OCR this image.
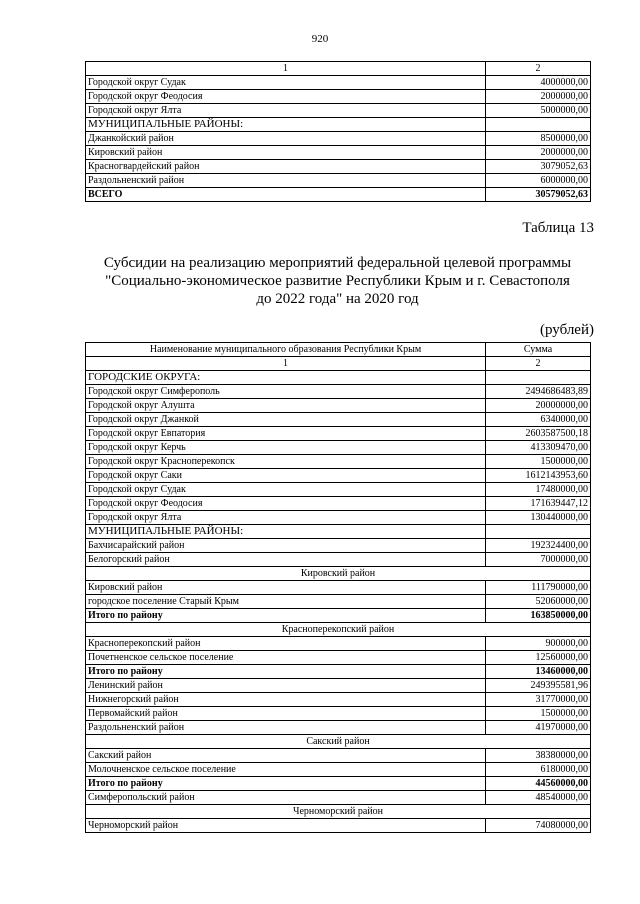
920
1	2
Городской округ Судак	4000000,00
Городской округ Феодосия	2000000,00
Городской округ Ялта	5000000,00
МУНИЦИПАЛЬНЫЕ РАЙОНЫ:	
Джанкойский район	8500000,00
Кировский район	2000000,00
Красногвардейский район	3079052,63
Раздольненский район	6000000,00
ВСЕГО	30579052,63
Таблица 13
Субсидии на реализацию мероприятий федеральной целевой программы
"Социально-экономическое развитие Республики Крым и г. Севастополя
до 2022 года" на 2020 год
(рублей)
Наименование муниципального образования Республики Крым	Сумма
1	2
ГОРОДСКИЕ ОКРУГА:	
Городской округ Симферополь	2494686483,89
Городской округ Алушта	20000000,00
Городской округ Джанкой	6340000,00
Городской округ Евпатория	2603587500,18
Городской округ Керчь	413309470,00
Городской округ Красноперекопск	1500000,00
Городской округ Саки	1612143953,60
Городской округ Судак	17480000,00
Городской округ Феодосия	171639447,12
Городской округ Ялта	130440000,00
МУНИЦИПАЛЬНЫЕ РАЙОНЫ:	
Бахчисарайский район	192324400,00
Белогорский район	7000000,00
Кировский район	
Кировский район	111790000,00
городское поселение Старый Крым	52060000,00
Итого по району	163850000,00
Красноперекопский район	
Красноперекопский район	900000,00
Почетненское сельское поселение	12560000,00
Итого по району	13460000,00
Ленинский район	249395581,96
Нижнегорский район	31770000,00
Первомайский район	1500000,00
Раздольненский район	41970000,00
Сакский район	
Сакский район	38380000,00
Молочненское сельское поселение	6180000,00
Итого по району	44560000,00
Симферопольский район	48540000,00
Черноморский район	
Черноморский район	74080000,00
